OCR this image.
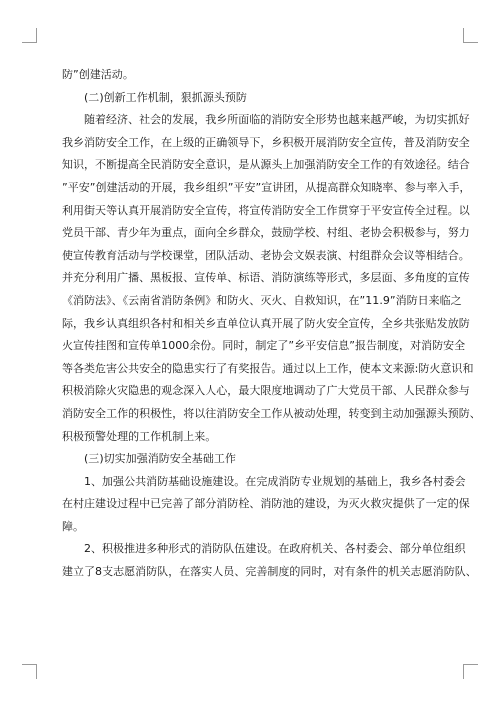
防”创建活动。
(二)创新工作机制，狠抓源头预防
随着经济、社会的发展，我乡所面临的消防安全形势也越来越严峻，为切实抓好
我乡消防安全工作，在上级的正确领导下，乡积极开展消防安全宣传，普及消防安全
知识，不断提高全民消防安全意识，是从源头上加强消防安全工作的有效途径。结合
”平安”创建活动的开展，我乡组织”平安”宣讲团，从提高群众知晓率、参与率入手，
利用街天等认真开展消防安全宣传，将宣传消防安全工作贯穿于平安宣传全过程。以
党员干部、青少年为重点，面向全乡群众，鼓励学校、村组、老协会积极参与，努力
使宣传教育活动与学校课堂，团队活动、老协会文娱表演、村组群众会议等相结合。
并充分利用广播、黑板报、宣传单、标语、消防演练等形式，多层面、多角度的宣传
《消防法》、《云南省消防条例》和防火、灭火、自救知识，在”11.9”消防日来临之
际，我乡认真组织各村和相关乡直单位认真开展了防火安全宣传，全乡共张贴发放防
火宣传挂图和宣传单1000余份。同时，制定了”乡平安信息”报告制度，对消防安全
等各类危害公共安全的隐患实行了有奖报告。通过以上工作，使本文来源:防火意识和
积极消除火灾隐患的观念深入人心，最大限度地调动了广大党员干部、人民群众参与
消防安全工作的积极性，将以往消防安全工作从被动处理，转变到主动加强源头预防、
积极预警处理的工作机制上来。
(三)切实加强消防安全基础工作
1、加强公共消防基础设施建设。在完成消防专业规划的基础上，我乡各村委会
在村庄建设过程中已完善了部分消防栓、消防池的建设，为灭火救灾提供了一定的保
障。
2、积极推进多种形式的消防队伍建设。在政府机关、各村委会、部分单位组织
建立了8支志愿消防队，在落实人员、完善制度的同时，对有条件的机关志愿消防队、
